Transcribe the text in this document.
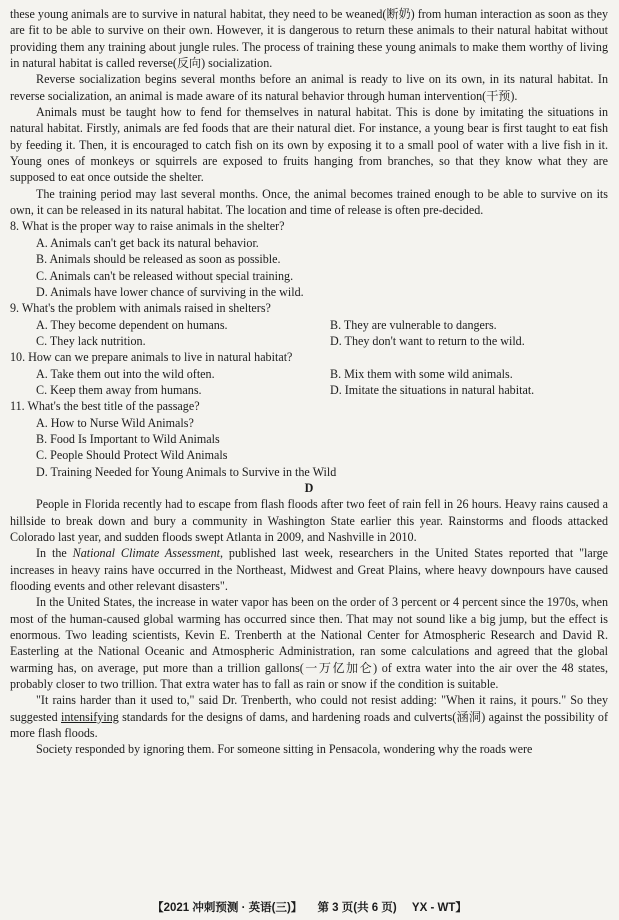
these young animals are to survive in natural habitat, they need to be weaned(断奶) from human interaction as soon as they are fit to be able to survive on their own. However, it is dangerous to return these animals to their natural habitat without providing them any training about jungle rules. The process of training these young animals to make them worthy of living in natural habitat is called reverse(反向) socialization.

Reverse socialization begins several months before an animal is ready to live on its own, in its natural habitat. In reverse socialization, an animal is made aware of its natural behavior through human intervention(干预).

Animals must be taught how to fend for themselves in natural habitat. This is done by imitating the situations in natural habitat. Firstly, animals are fed foods that are their natural diet. For instance, a young bear is first taught to eat fish by feeding it. Then, it is encouraged to catch fish on its own by exposing it to a small pool of water with a live fish in it. Young ones of monkeys or squirrels are exposed to fruits hanging from branches, so that they know what they are supposed to eat once outside the shelter.

The training period may last several months. Once, the animal becomes trained enough to be able to survive on its own, it can be released in its natural habitat. The location and time of release is often pre-decided.

8. What is the proper way to raise animals in the shelter?
A. Animals can't get back its natural behavior.
B. Animals should be released as soon as possible.
C. Animals can't be released without special training.
D. Animals have lower chance of surviving in the wild.
9. What's the problem with animals raised in shelters?
A. They become dependent on humans.	B. They are vulnerable to dangers.
C. They lack nutrition.	D. They don't want to return to the wild.
10. How can we prepare animals to live in natural habitat?
A. Take them out into the wild often.	B. Mix them with some wild animals.
C. Keep them away from humans.	D. Imitate the situations in natural habitat.
11. What's the best title of the passage?
A. How to Nurse Wild Animals?
B. Food Is Important to Wild Animals
C. People Should Protect Wild Animals
D. Training Needed for Young Animals to Survive in the Wild
D

People in Florida recently had to escape from flash floods after two feet of rain fell in 26 hours. Heavy rains caused a hillside to break down and bury a community in Washington State earlier this year. Rainstorms and floods attacked Colorado last year, and sudden floods swept Atlanta in 2009, and Nashville in 2010.

In the National Climate Assessment, published last week, researchers in the United States reported that "large increases in heavy rains have occurred in the Northeast, Midwest and Great Plains, where heavy downpours have caused flooding events and other relevant disasters".

In the United States, the increase in water vapor has been on the order of 3 percent or 4 percent since the 1970s, when most of the human-caused global warming has occurred since then. That may not sound like a big jump, but the effect is enormous. Two leading scientists, Kevin E. Trenberth at the National Center for Atmospheric Research and David R. Easterling at the National Oceanic and Atmospheric Administration, ran some calculations and agreed that the global warming has, on average, put more than a trillion gallons(一万亿加仑) of extra water into the air over the 48 states, probably closer to two trillion. That extra water has to fall as rain or snow if the condition is suitable.

"It rains harder than it used to," said Dr. Trenberth, who could not resist adding: "When it rains, it pours." So they suggested intensifying standards for the designs of dams, and hardening roads and culverts(涵洞) against the possibility of more flash floods.

Society responded by ignoring them. For someone sitting in Pensacola, wondering why the roads were

【2021 冲刺预测 · 英语(三)】 第 3 页(共 6 页) YX - WT】
